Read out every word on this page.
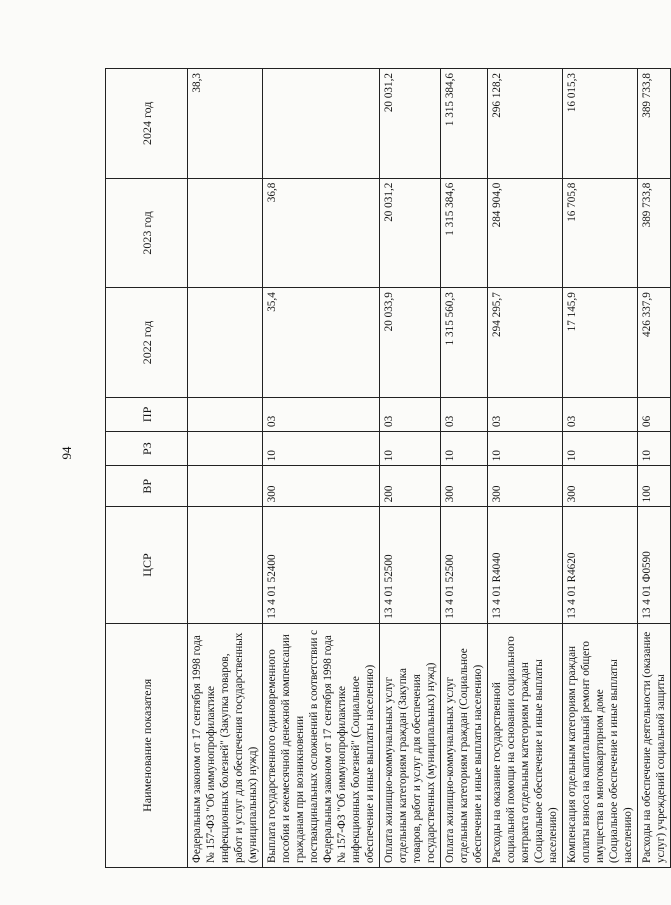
94
Наименование показателя	ЦСР	ВР	РЗ	ПР	2022 год	2023 год	2024 год
Федеральным законом от 17 сентября 1998 года № 157-ФЗ "Об иммунопрофилактике инфекционных болезней" (Закупка товаров, работ и услуг для обеспечения государственных (муниципальных) нужд)							38,3
Выплата государственного единовременного пособия и ежемесячной денежной компенсации гражданам при возникновении поствакцинальных осложнений в соответствии с Федеральным законом от 17 сентября 1998 года № 157-ФЗ "Об иммунопрофилактике инфекционных болезней" (Социальное обеспечение и иные выплаты населению)	13 4 01 52400	300	10	03	35,4	36,8	
Оплата жилищно-коммунальных услуг отдельным категориям граждан (Закупка товаров, работ и услуг для обеспечения государственных (муниципальных) нужд)	13 4 01 52500	200	10	03	20 033,9	20 031,2	20 031,2
Оплата жилищно-коммунальных услуг отдельным категориям граждан (Социальное обеспечение и иные выплаты населению)	13 4 01 52500	300	10	03	1 315 560,3	1 315 384,6	1 315 384,6
Расходы на оказание государственной социальной помощи на основании социального контракта отдельным категориям граждан (Социальное обеспечение и иные выплаты населению)	13 4 01 R4040	300	10	03	294 295,7	284 904,0	296 128,2
Компенсация отдельным категориям граждан оплаты взноса на капитальный ремонт общего имущества в многоквартирном доме (Социальное обеспечение и иные выплаты населению)	13 4 01 R4620	300	10	03	17 145,9	16 705,8	16 015,3
Расходы на обеспечение деятельности (оказание услуг) учреждений социальной защиты	13 4 01 Ф0590	100	10	06	426 337,9	389 733,8	389 733,8
